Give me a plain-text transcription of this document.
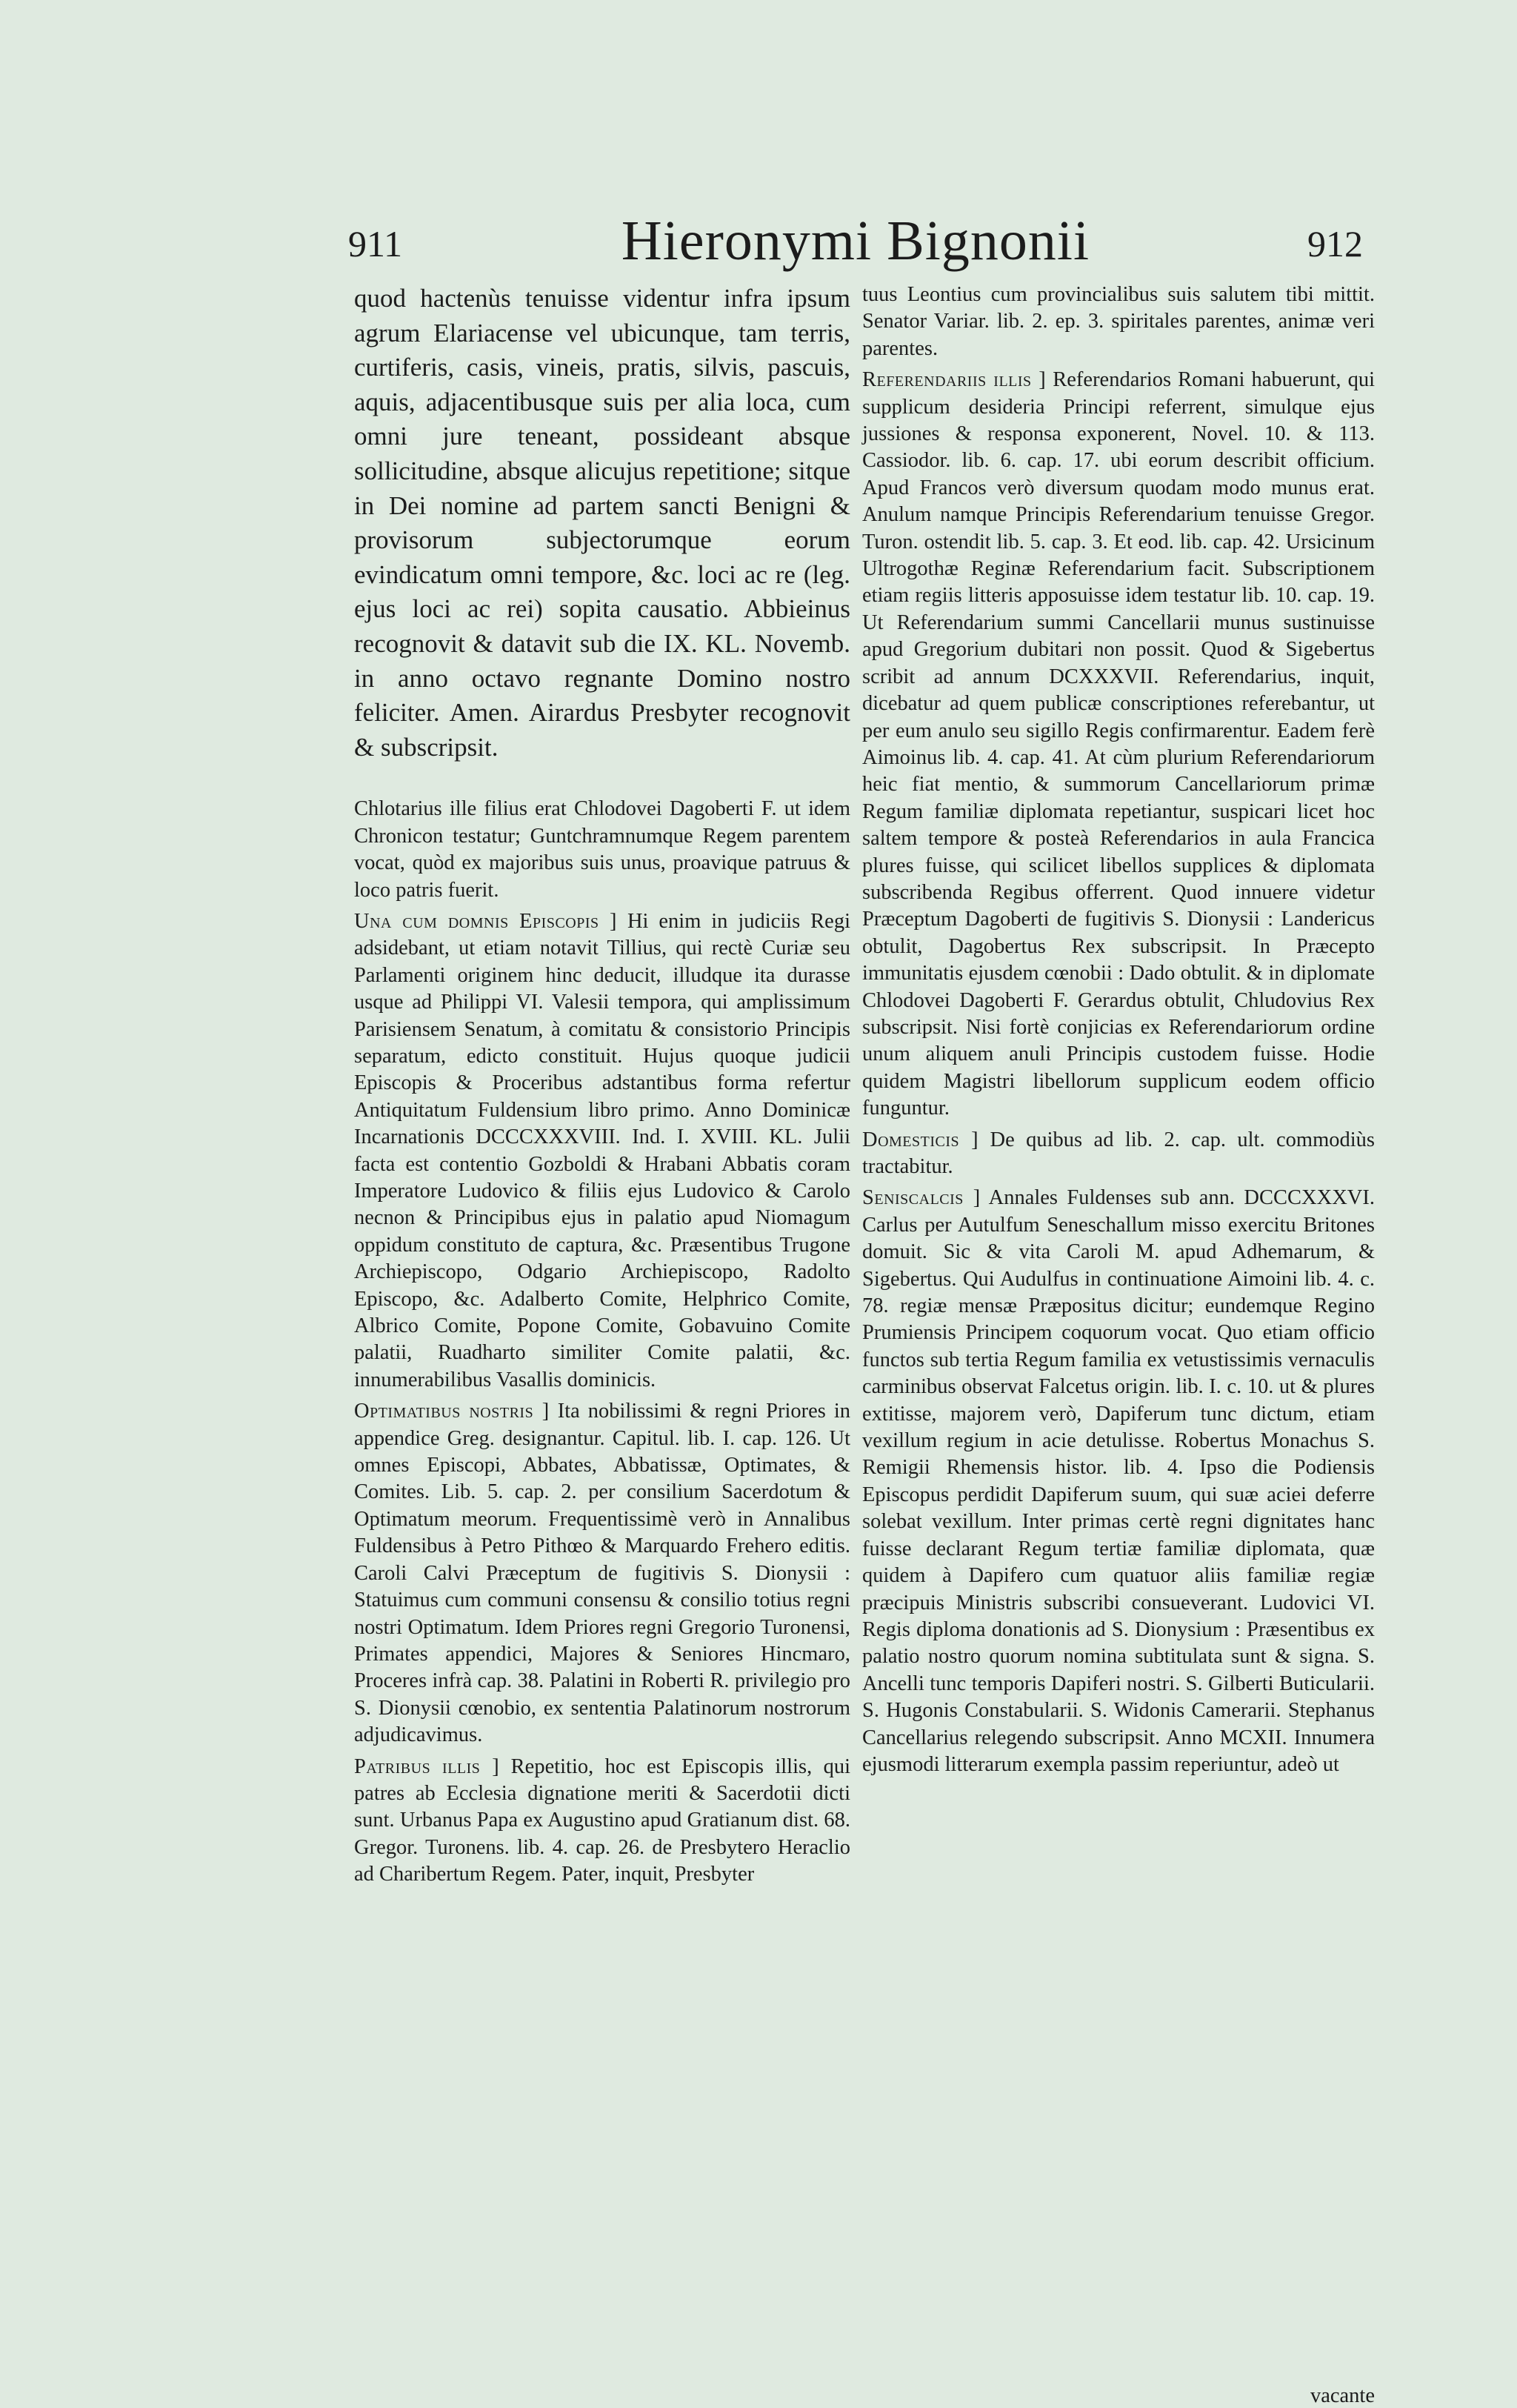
911	Hieronymi Bignonii	912

quod hactenùs tenuisse videntur infra ipsum agrum Elariacense vel ubicunque, tam terris, curtiferis, casis, vineis, pratis, silvis, pascuis, aquis, adjacentibusque suis per alia loca, cum omni jure teneant, possideant absque sollicitudine, absque alicujus repetitione; sitque in Dei nomine ad partem sancti Benigni & provisorum subjectorumque eorum evindicatum omni tempore, &c. loci ac re (leg. ejus loci ac rei) sopita causatio. Abbieinus recognovit & datavit sub die IX. KL. Novemb. in anno octavo regnante Domino nostro feliciter. Amen. Airardus Presbyter recognovit & subscripsit.

Chlotarius ille filius erat Chlodovei Dagoberti F. ut idem Chronicon testatur; Guntchramnumque Regem parentem vocat, quòd ex majoribus suis unus, proavique patruus & loco patris fuerit.

Una cum domnis Episcopis ] Hi enim in judiciis Regi adsidebant, ut etiam notavit Tillius, qui rectè Curiæ seu Parlamenti originem hinc deducit, illudque ita durasse usque ad Philippi VI. Valesii tempora, qui amplissimum Parisiensem Senatum, à comitatu & consistorio Principis separatum, edicto constituit. Hujus quoque judicii Episcopis & Proceribus adstantibus forma refertur Antiquitatum Fuldensium libro primo. Anno Dominicæ Incarnationis DCCCXXXVIII. Ind. I. XVIII. KL. Julii facta est contentio Gozboldi & Hrabani Abbatis coram Imperatore Ludovico & filiis ejus Ludovico & Carolo necnon & Principibus ejus in palatio apud Niomagum oppidum constituto de captura, &c. Præsentibus Trugone Archiepiscopo, Odgario Archiepiscopo, Radolto Episcopo, &c. Adalberto Comite, Helphrico Comite, Albrico Comite, Popone Comite, Gobavuino Comite palatii, Ruadharto similiter Comite palatii, &c. innumerabilibus Vasallis dominicis.

Optimatibus nostris ] Ita nobilissimi & regni Priores in appendice Greg. designantur. Capitul. lib. I. cap. 126. Ut omnes Episcopi, Abbates, Abbatissæ, Optimates, & Comites. Lib. 5. cap. 2. per consilium Sacerdotum & Optimatum meorum. Frequentissimè verò in Annalibus Fuldensibus à Petro Pithœo & Marquardo Frehero editis. Caroli Calvi Præceptum de fugitivis S. Dionysii : Statuimus cum communi consensu & consilio totius regni nostri Optimatum. Idem Priores regni Gregorio Turonensi, Primates appendici, Majores & Seniores Hincmaro, Proceres infrà cap. 38. Palatini in Roberti R. privilegio pro S. Dionysii cœnobio, ex sententia Palatinorum nostrorum adjudicavimus.

Patribus illis ] Repetitio, hoc est Episcopis illis, qui patres ab Ecclesia dignatione meriti & Sacerdotii dicti sunt. Urbanus Papa ex Augustino apud Gratianum dist. 68. Gregor. Turonens. lib. 4. cap. 26. de Presbytero Heraclio ad Charibertum Regem. Pater, inquit, Presbyter

tuus Leontius cum provincialibus suis salutem tibi mittit. Senator Variar. lib. 2. ep. 3. spiritales parentes, animæ veri parentes.

Referendariis illis ] Referendarios Romani habuerunt, qui supplicum desideria Principi referrent, simulque ejus jussiones & responsa exponerent, Novel. 10. & 113. Cassiodor. lib. 6. cap. 17. ubi eorum describit officium. Apud Francos verò diversum quodam modo munus erat. Anulum namque Principis Referendarium tenuisse Gregor. Turon. ostendit lib. 5. cap. 3. Et eod. lib. cap. 42. Ursicinum Ultrogothæ Reginæ Referendarium facit. Subscriptionem etiam regiis litteris apposuisse idem testatur lib. 10. cap. 19. Ut Referendarium summi Cancellarii munus sustinuisse apud Gregorium dubitari non possit. Quod & Sigebertus scribit ad annum DCXXXVII. Referendarius, inquit, dicebatur ad quem publicæ conscriptiones referebantur, ut per eum anulo seu sigillo Regis confirmarentur. Eadem ferè Aimoinus lib. 4. cap. 41. At cùm plurium Referendariorum heic fiat mentio, & summorum Cancellariorum primæ Regum familiæ diplomata repetiantur, suspicari licet hoc saltem tempore & posteà Referendarios in aula Francica plures fuisse, qui scilicet libellos supplices & diplomata subscribenda Regibus offerrent. Quod innuere videtur Præceptum Dagoberti de fugitivis S. Dionysii : Landericus obtulit, Dagobertus Rex subscripsit. In Præcepto immunitatis ejusdem cœnobii : Dado obtulit. & in diplomate Chlodovei Dagoberti F. Gerardus obtulit, Chludovius Rex subscripsit. Nisi fortè conjicias ex Referendariorum ordine unum aliquem anuli Principis custodem fuisse. Hodie quidem Magistri libellorum supplicum eodem officio funguntur.

Domesticis ] De quibus ad lib. 2. cap. ult. commodiùs tractabitur.

Seniscalcis ] Annales Fuldenses sub ann. DCCCXXXVI. Carlus per Autulfum Seneschallum misso exercitu Britones domuit. Sic & vita Caroli M. apud Adhemarum, & Sigebertus. Qui Audulfus in continuatione Aimoini lib. 4. c. 78. regiæ mensæ Præpositus dicitur; eundemque Regino Prumiensis Principem coquorum vocat. Quo etiam officio functos sub tertia Regum familia ex vetustissimis vernaculis carminibus observat Falcetus origin. lib. I. c. 10. ut & plures extitisse, majorem verò, Dapiferum tunc dictum, etiam vexillum regium in acie detulisse. Robertus Monachus S. Remigii Rhemensis histor. lib. 4. Ipso die Podiensis Episcopus perdidit Dapiferum suum, qui suæ aciei deferre solebat vexillum. Inter primas certè regni dignitates hanc fuisse declarant Regum tertiæ familiæ diplomata, quæ quidem à Dapifero cum quatuor aliis familiæ regiæ præcipuis Ministris subscribi consueverant. Ludovici VI. Regis diploma donationis ad S. Dionysium : Præsentibus ex palatio nostro quorum nomina subtitulata sunt & signa. S. Ancelli tunc temporis Dapiferi nostri. S. Gilberti Buticularii. S. Hugonis Constabularii. S. Widonis Camerarii. Stephanus Cancellarius relegendo subscripsit. Anno MCXII. Innumera ejusmodi litterarum exempla passim reperiuntur, adeò ut

vacante
